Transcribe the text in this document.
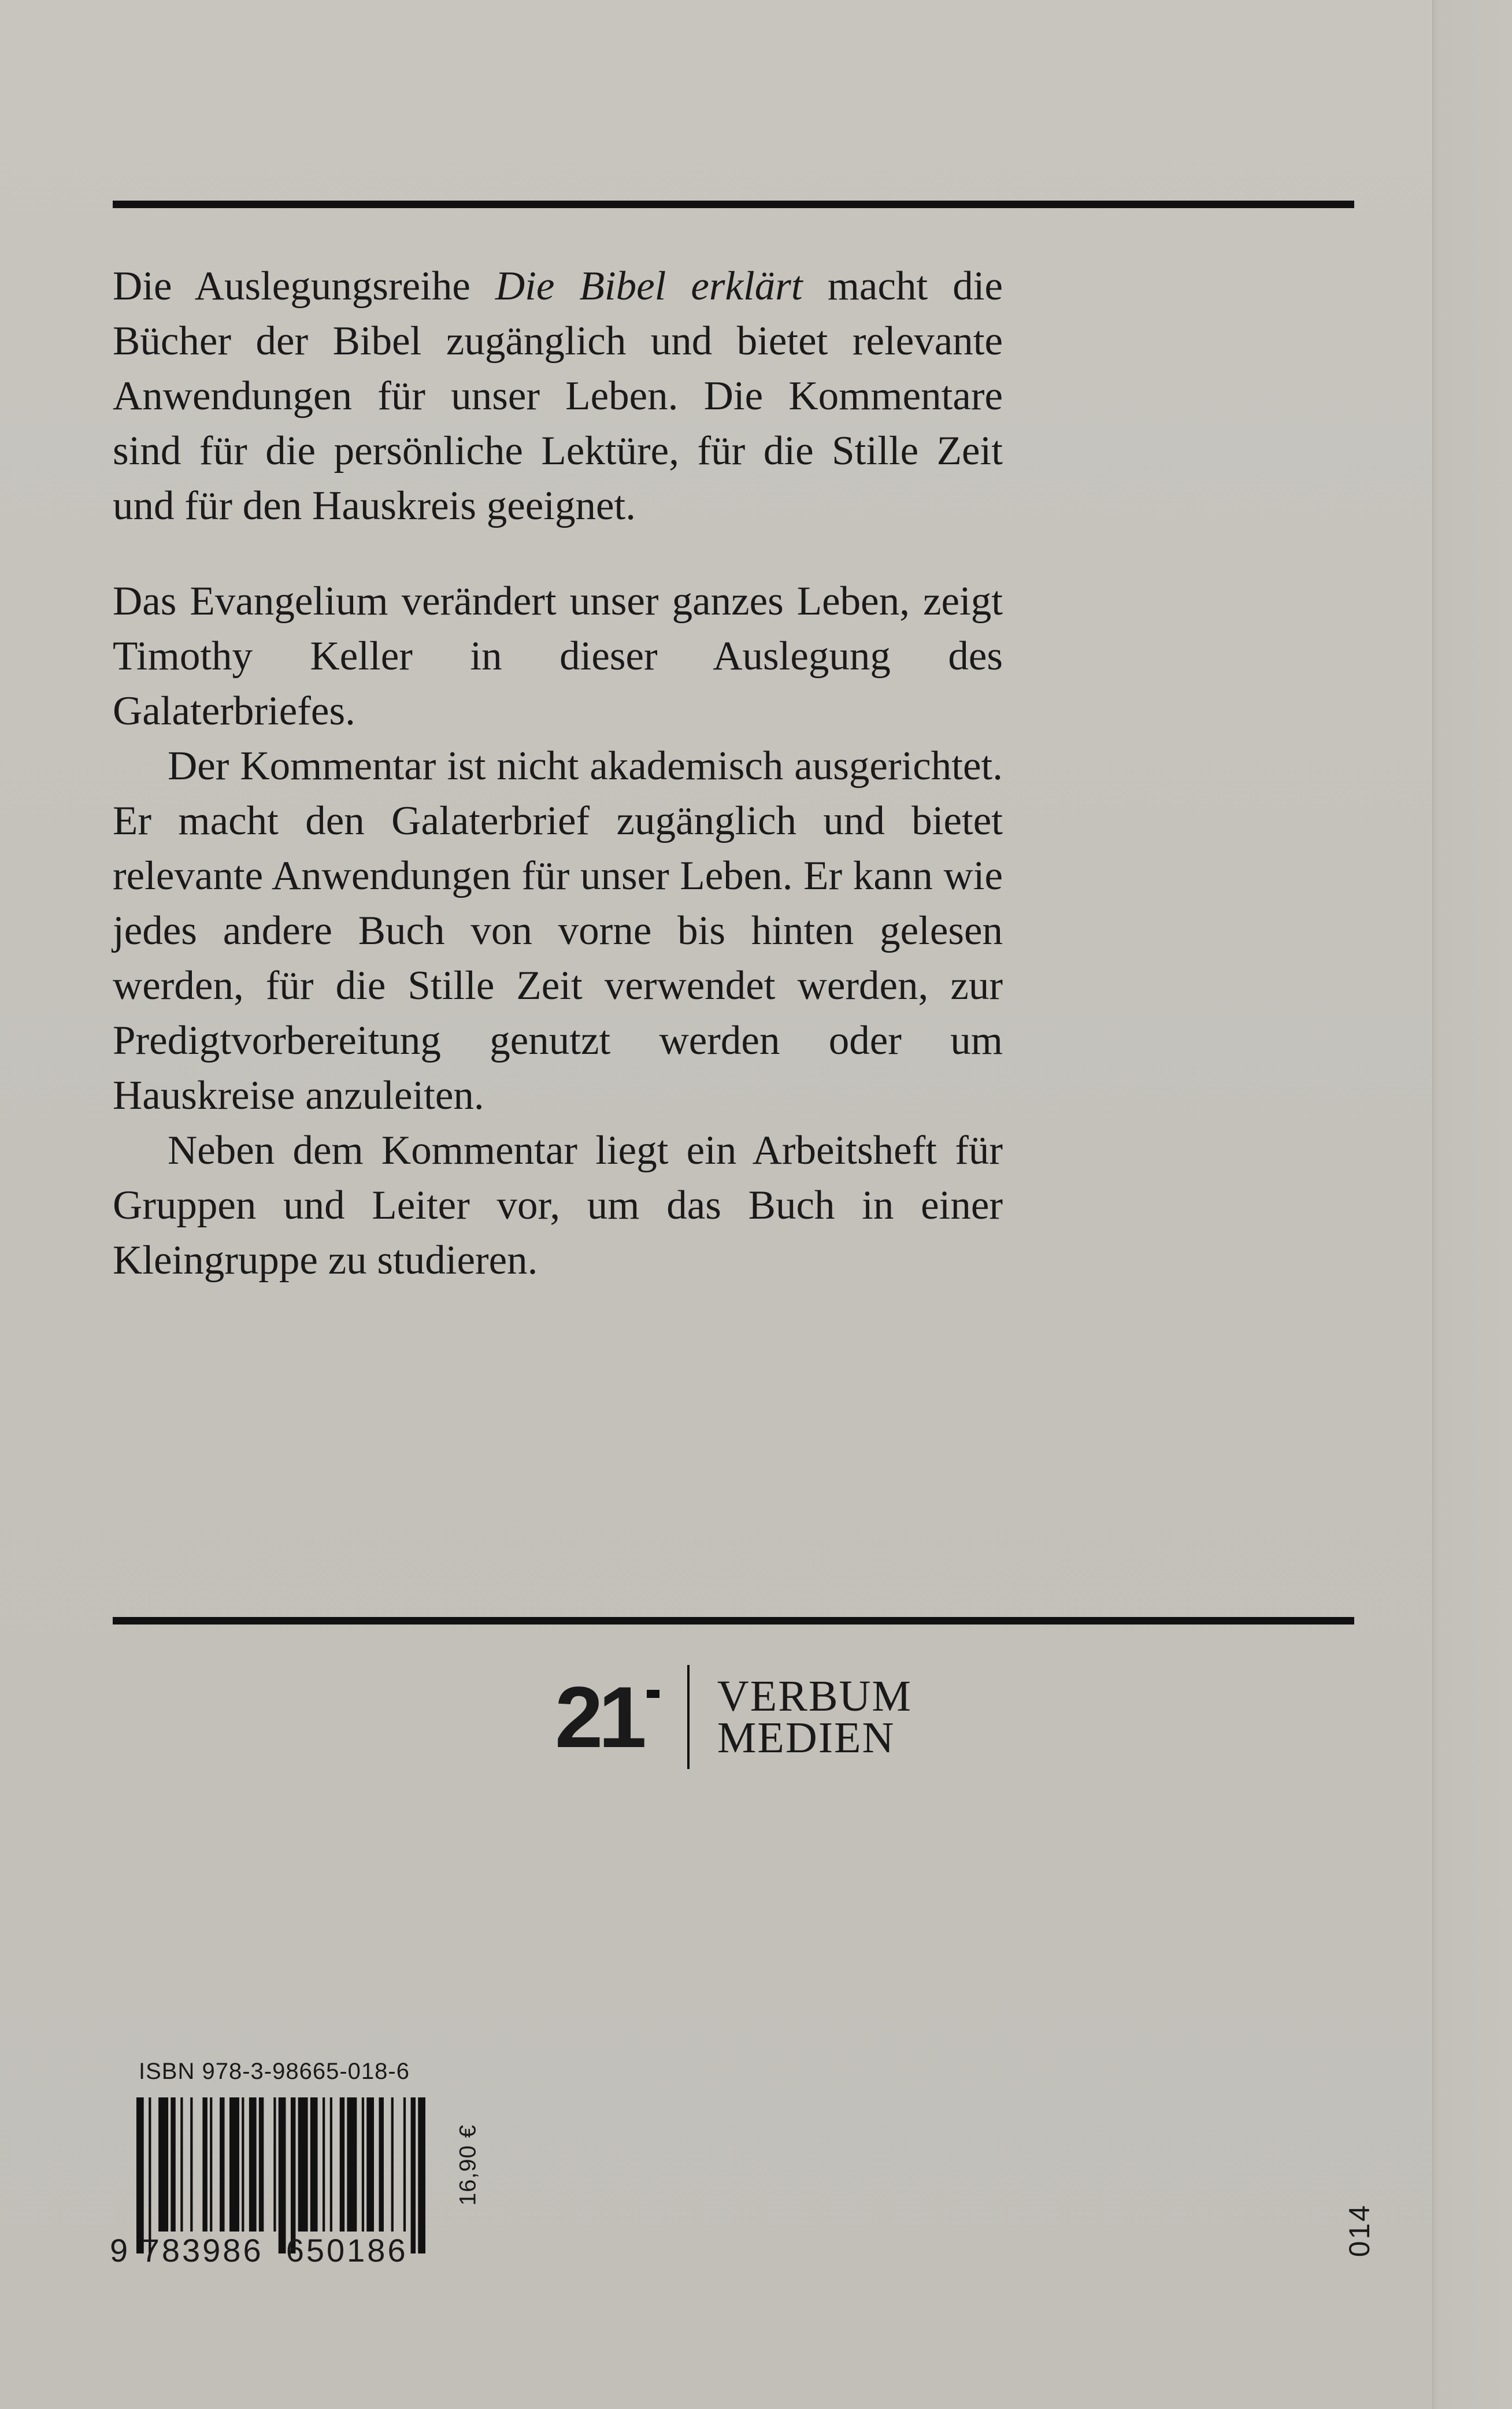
Die Auslegungsreihe Die Bibel erklärt macht die Bücher der Bibel zugänglich und bietet relevante Anwendungen für unser Leben. Die Kommentare sind für die persönliche Lektüre, für die Stille Zeit und für den Hauskreis geeignet.

Das Evangelium verändert unser ganzes Leben, zeigt Timothy Keller in dieser Auslegung des Galaterbriefes.

Der Kommentar ist nicht akademisch ausgerichtet. Er macht den Galaterbrief zugänglich und bietet relevante Anwendungen für unser Leben. Er kann wie jedes andere Buch von vorne bis hinten gelesen werden, für die Stille Zeit verwendet werden, zur Predigtvorbereitung genutzt werden oder um Hauskreise anzuleiten.

Neben dem Kommentar liegt ein Arbeitsheft für Gruppen und Leiter vor, um das Buch in einer Kleingruppe zu studieren.

21	VERBUM
MEDIEN
ISBN 978-3-98665-018-6
9 783986 650186
16,90 €
014
